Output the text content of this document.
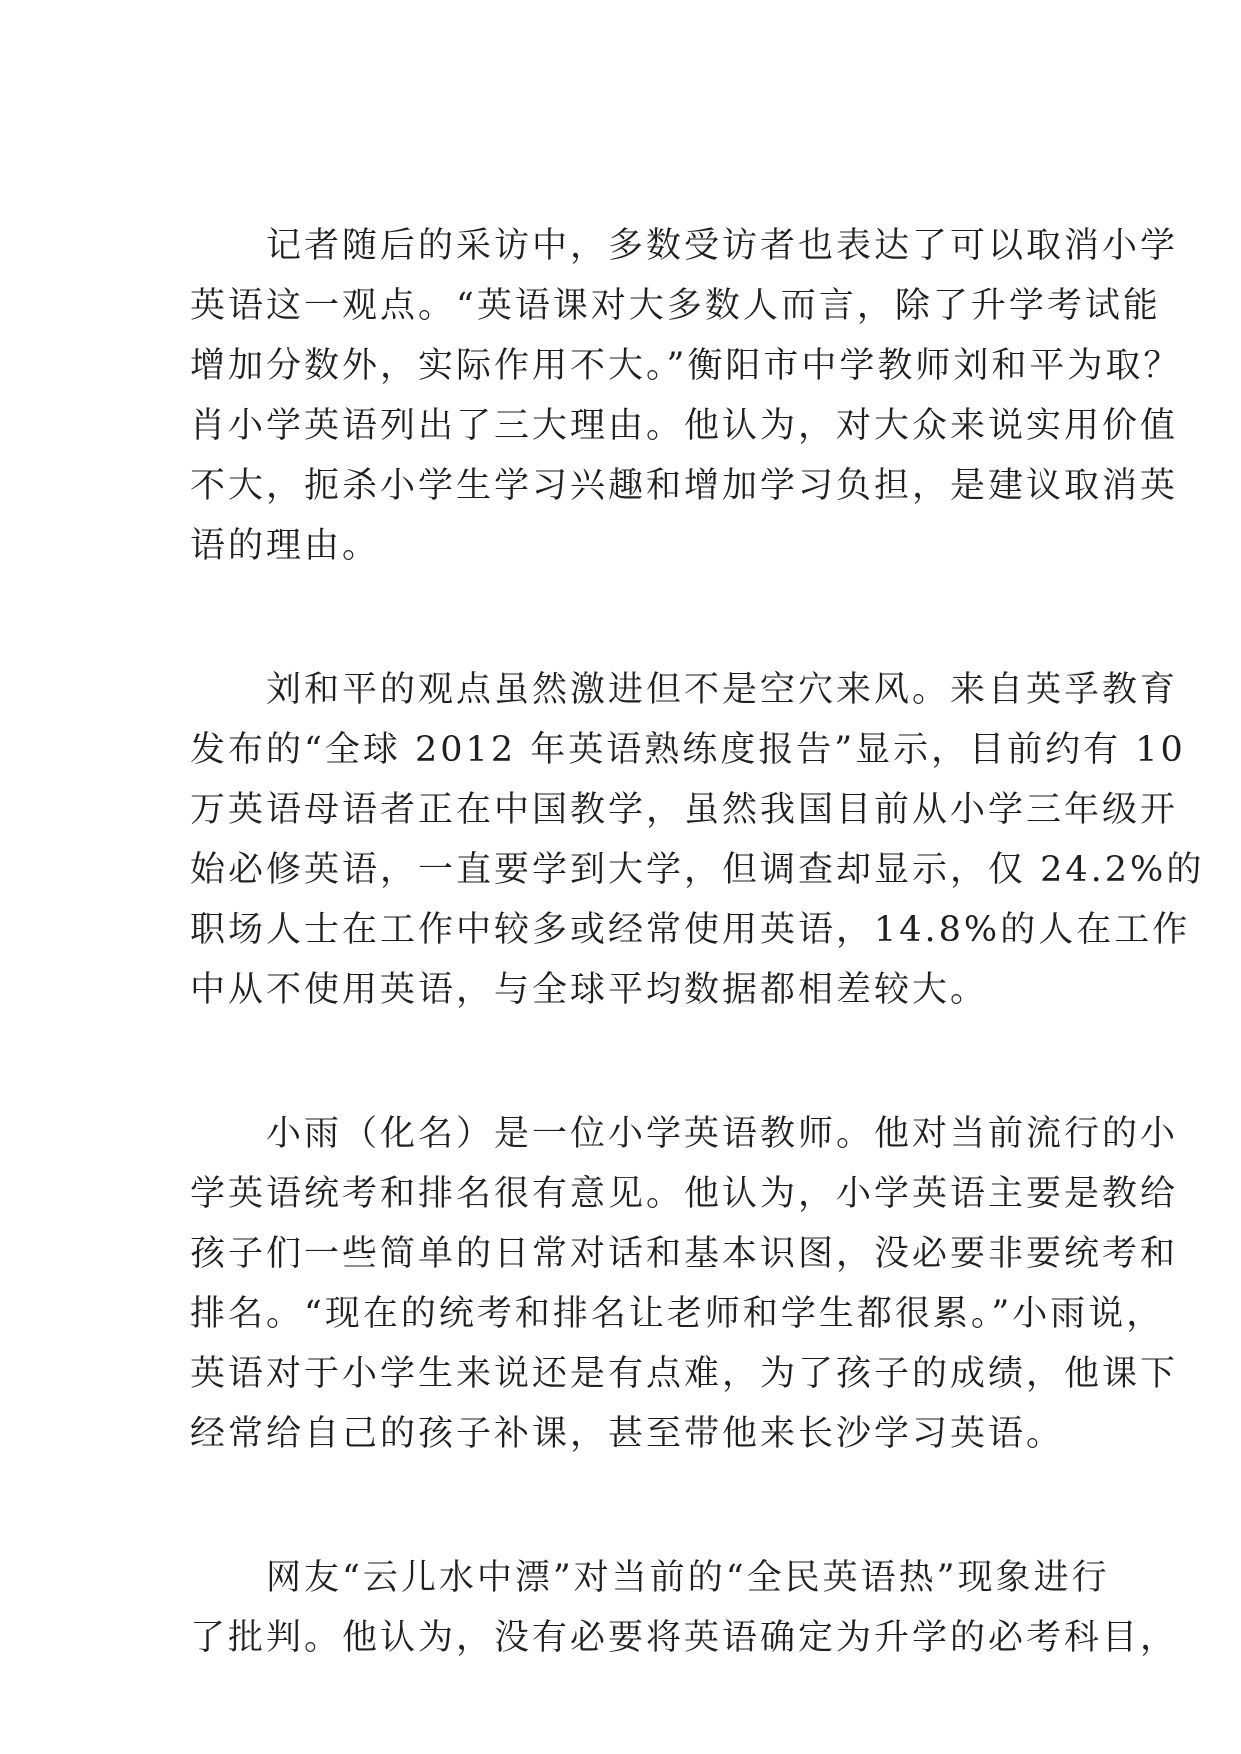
　　记者随后的采访中，多数受访者也表达了可以取消小学
英语这一观点。“英语课对大多数人而言，除了升学考试能
增加分数外，实际作用不大。”衡阳市中学教师刘和平为取？
肖小学英语列出了三大理由。他认为，对大众来说实用价值
不大，扼杀小学生学习兴趣和增加学习负担，是建议取消英
语的理由。
　　刘和平的观点虽然激进但不是空穴来风。来自英孚教育
发布的“全球 2012 年英语熟练度报告”显示，目前约有 10
万英语母语者正在中国教学，虽然我国目前从小学三年级开
始必修英语，一直要学到大学，但调查却显示，仅 24.2%的
职场人士在工作中较多或经常使用英语，14.8%的人在工作
中从不使用英语，与全球平均数据都相差较大。
　　小雨（化名）是一位小学英语教师。他对当前流行的小
学英语统考和排名很有意见。他认为，小学英语主要是教给
孩子们一些简单的日常对话和基本识图，没必要非要统考和
排名。“现在的统考和排名让老师和学生都很累。”小雨说，
英语对于小学生来说还是有点难，为了孩子的成绩，他课下
经常给自己的孩子补课，甚至带他来长沙学习英语。
　　网友“云儿水中漂”对当前的“全民英语热”现象进行
了批判。他认为，没有必要将英语确定为升学的必考科目，
